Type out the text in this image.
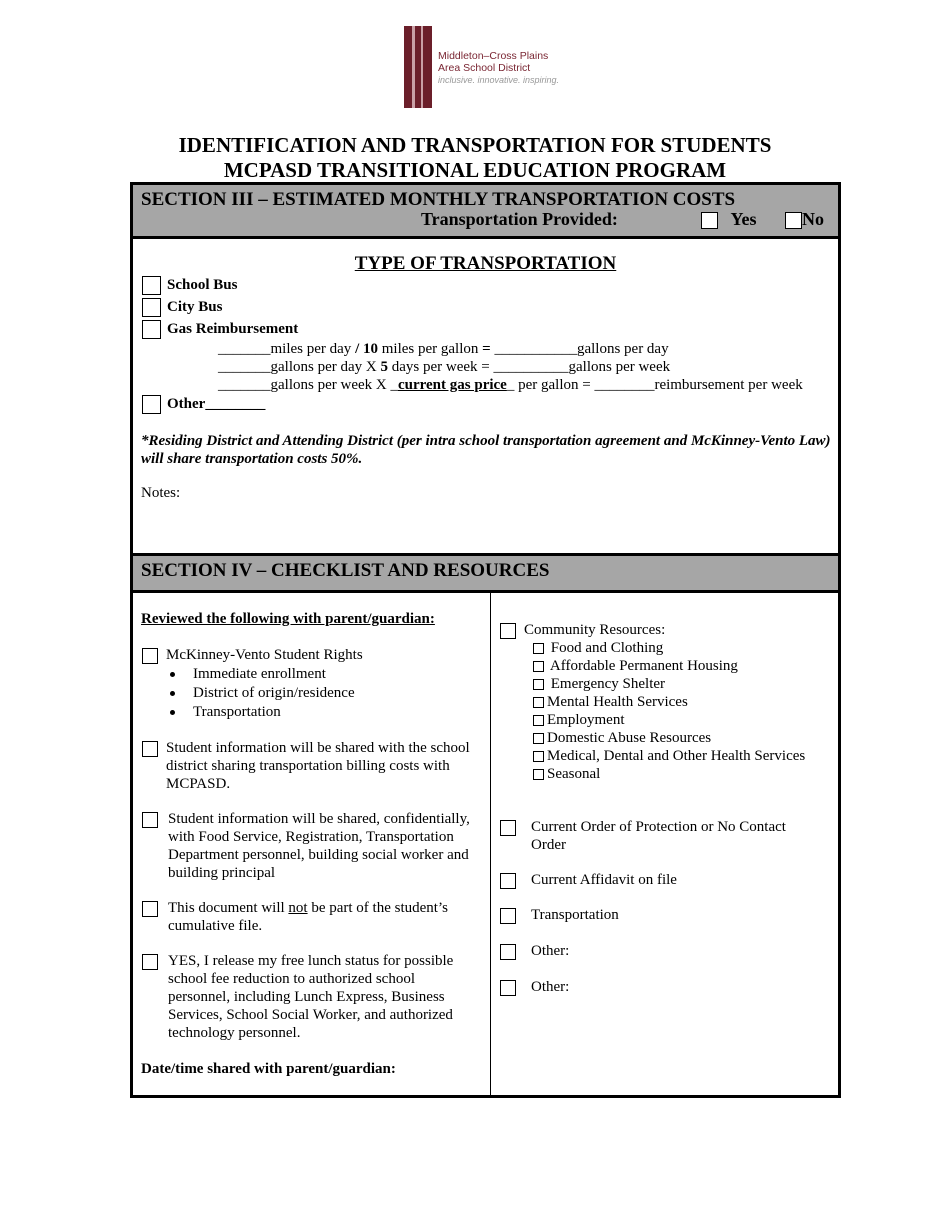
Middleton–Cross Plains
Area School District
inclusive. innovative. inspiring.
IDENTIFICATION AND TRANSPORTATION FOR STUDENTS
MCPASD TRANSITIONAL EDUCATION PROGRAM
SECTION III – ESTIMATED MONTHLY TRANSPORTATION COSTS
Transportation Provided:	Yes	No
TYPE OF TRANSPORTATION
School Bus
City Bus
Gas Reimbursement
_______miles per day / 10 miles per gallon = ___________gallons per day
_______gallons per day X 5 days per week = __________gallons per week
_______gallons per week X _current gas price_ per gallon = ________reimbursement per week
Other________
*Residing District and Attending District (per intra school transportation agreement and McKinney-Vento Law) will share transportation costs 50%.
Notes:
SECTION IV – CHECKLIST AND RESOURCES
Reviewed the following with parent/guardian:
McKinney-Vento Student Rights
Immediate enrollment
District of origin/residence
Transportation
Student information will be shared with the school district sharing transportation billing costs with MCPASD.
Student information will be shared, confidentially, with Food Service, Registration, Transportation Department personnel, building social worker and building principal
This document will not be part of the student’s cumulative file.
YES, I release my free lunch status for possible school fee reduction to authorized school personnel, including Lunch Express, Business Services, School Social Worker, and authorized technology personnel.
Date/time shared with parent/guardian:
Community Resources:
Food and Clothing
Affordable Permanent Housing
Emergency Shelter
Mental Health Services
Employment
Domestic Abuse Resources
Medical, Dental and Other Health Services
Seasonal
Current Order of Protection or No Contact Order
Current Affidavit on file
Transportation
Other:
Other:
